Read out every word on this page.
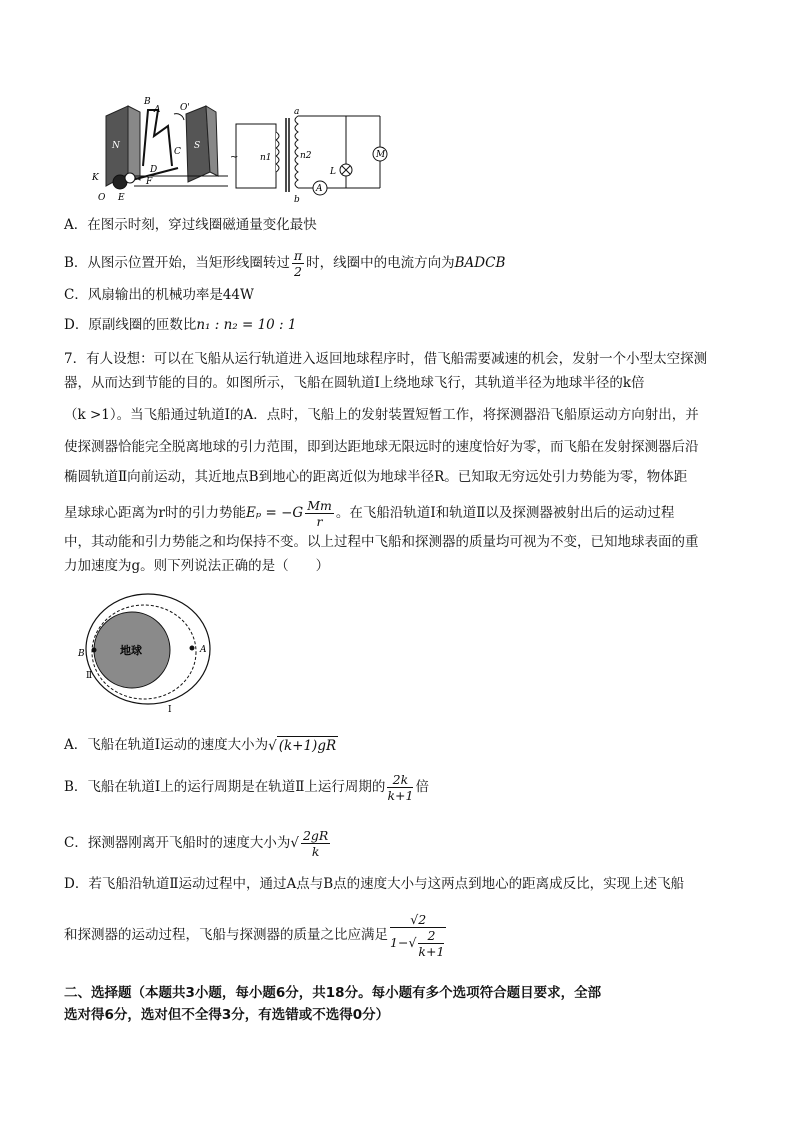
B
A O'
N	S
C
D
K	F
O E
~ n1	n2
a
b
L
M
A
A．在图示时刻，穿过线圈磁通量变化最快
B．从图示位置开始，当矩形线圈转过 $\frac{\pi}{2}$ 时，线圈中的电流方向为BADCB
C．风扇输出的机械功率是44W
D．原副线圈的匝数比n₁ : n₂ = 10 : 1
7．有人设想：可以在飞船从运行轨道进入返回地球程序时，借飞船需要减速的机会，发射一个小型太空探测
器，从而达到节能的目的。如图所示，飞船在圆轨道Ⅰ上绕地球飞行，其轨道半径为地球半径的k倍
（k >1）。当飞船通过轨道Ⅰ的A．点时，飞船上的发射装置短暂工作，将探测器沿飞船原运动方向射出，并
使探测器恰能完全脱离地球的引力范围，即到达距地球无限远时的速度恰好为零，而飞船在发射探测器后沿
椭圆轨道Ⅱ向前运动，其近地点B到地心的距离近似为地球半径R。已知取无穷远处引力势能为零，物体距
星球球心距离为r时的引力势能$E_p = -G \frac{Mm}{r}$ 。在飞船沿轨道Ⅰ和轨道Ⅱ以及探测器被射出后的运动过程
中，其动能和引力势能之和均保持不变。以上过程中飞船和探测器的质量均可视为不变，已知地球表面的重
力加速度为g。则下列说法正确的是（　　）
地球	A
B
Ⅱ
Ⅰ
A．飞船在轨道Ⅰ运动的速度大小为√ (k+1)gR
B．飞船在轨道Ⅰ上的运行周期是在轨道Ⅱ上运行周期的 $\frac{2k}{k+1}$ 倍
C．探测器刚离开飞船时的速度大小为√ $\frac{2gR}{k}$
D．若飞船沿轨道Ⅱ运动过程中，通过A点与B点的速度大小与这两点到地心的距离成反比，实现上述飞船
和探测器的运动过程，飞船与探测器的质量之比应满足 $\frac{√2}{1-√ \frac{2}{k+1}}$
二、选择题（本题共3小题，每小题6分，共18分。每小题有多个选项符合题目要求，全部
选对得6分，选对但不全得3分，有选错或不选得0分）
